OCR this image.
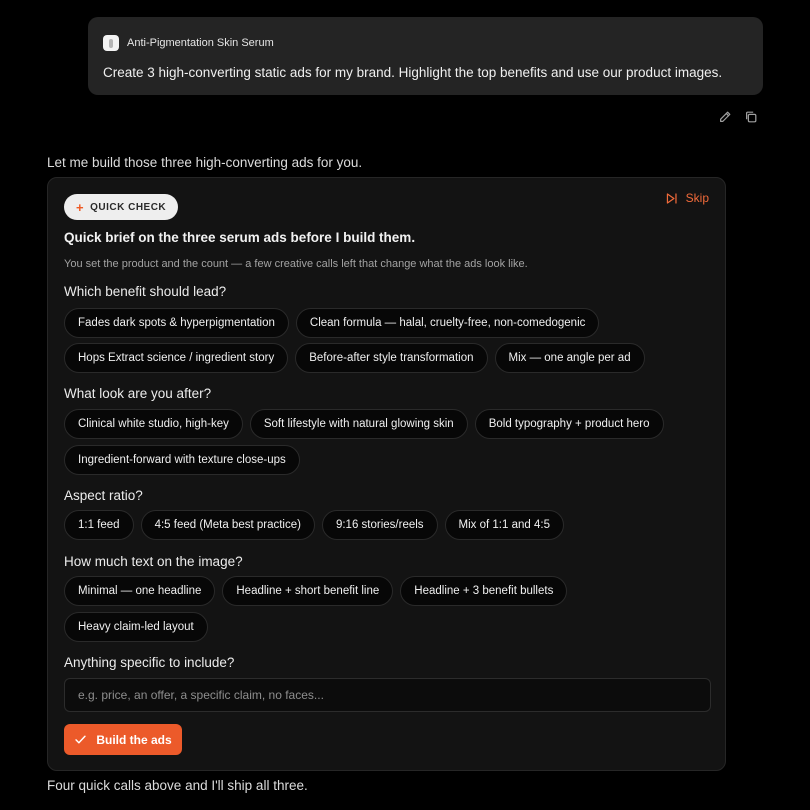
Anti-Pigmentation Skin Serum
Create 3 high-converting static ads for my brand. Highlight the top benefits and use our product images.
Let me build those three high-converting ads for you.
+ QUICK CHECK
Skip
Quick brief on the three serum ads before I build them.
You set the product and the count — a few creative calls left that change what the ads look like.
Which benefit should lead?
Fades dark spots & hyperpigmentation	Clean formula — halal, cruelty-free, non-comedogenic
Hops Extract science / ingredient story	Before-after style transformation	Mix — one angle per ad
What look are you after?
Clinical white studio, high-key	Soft lifestyle with natural glowing skin	Bold typography + product hero
Ingredient-forward with texture close-ups
Aspect ratio?
1:1 feed	4:5 feed (Meta best practice)	9:16 stories/reels	Mix of 1:1 and 4:5
How much text on the image?
Minimal — one headline	Headline + short benefit line	Headline + 3 benefit bullets
Heavy claim-led layout
Anything specific to include?
e.g. price, an offer, a specific claim, no faces...
Build the ads
Four quick calls above and I'll ship all three.
